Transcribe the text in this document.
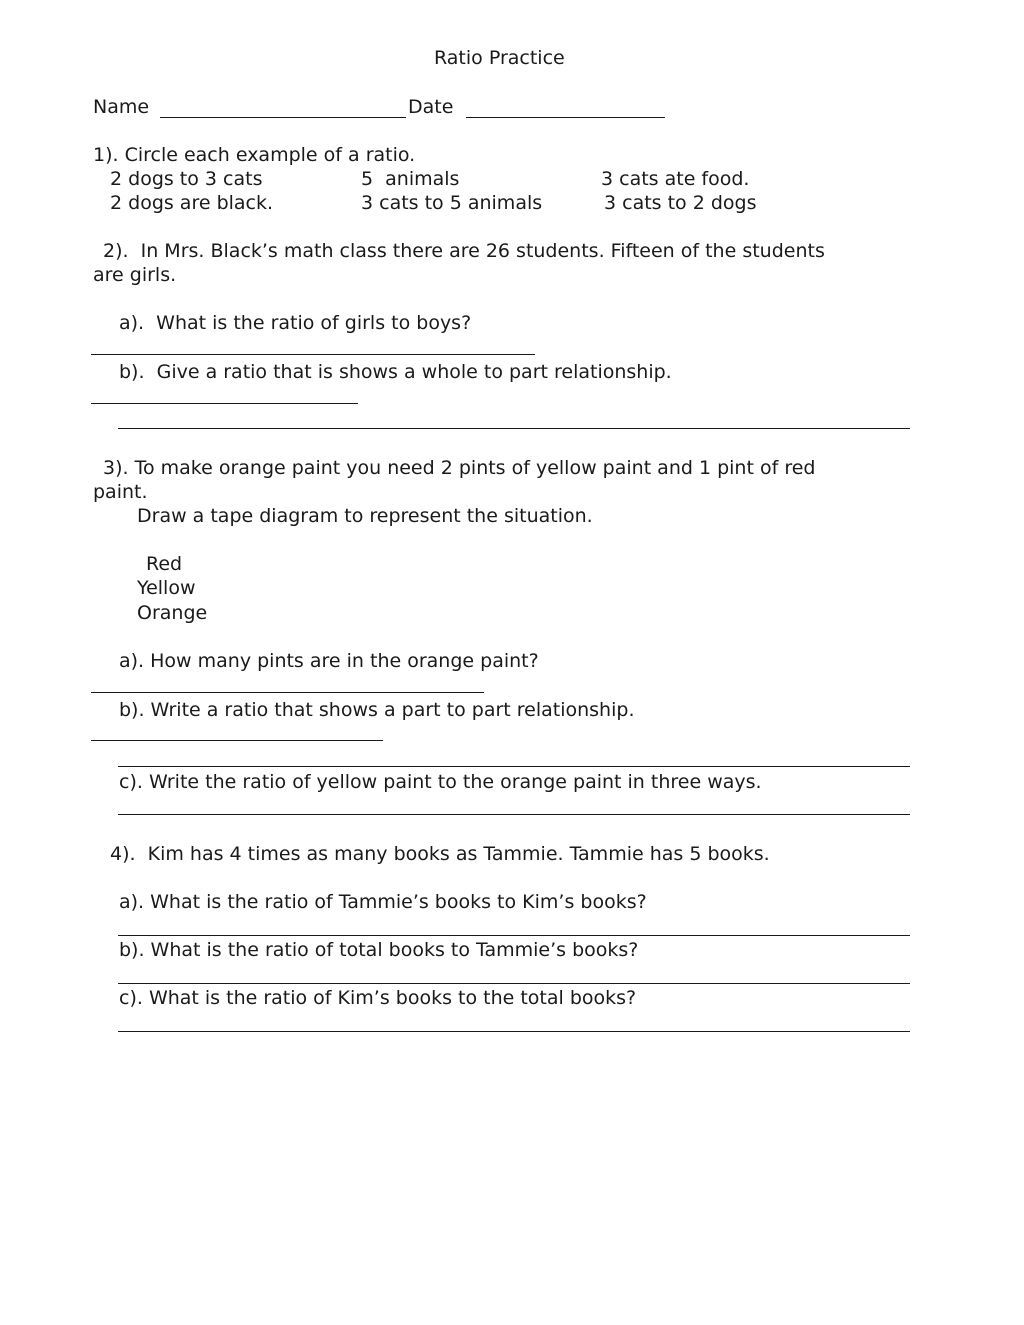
Ratio Practice
Name	Date
1). Circle each example of a ratio.
2 dogs to 3 cats	5  animals	3 cats ate food.
2 dogs are black.	3 cats to 5 animals	3 cats to 2 dogs
2).  In Mrs. Black’s math class there are 26 students. Fifteen of the students
are girls.
a).  What is the ratio of girls to boys?
b).  Give a ratio that is shows a whole to part relationship.
3). To make orange paint you need 2 pints of yellow paint and 1 pint of red
paint.
Draw a tape diagram to represent the situation.
Red
Yellow
Orange
a). How many pints are in the orange paint?
b). Write a ratio that shows a part to part relationship.
c). Write the ratio of yellow paint to the orange paint in three ways.
4).  Kim has 4 times as many books as Tammie. Tammie has 5 books.
a). What is the ratio of Tammie’s books to Kim’s books?
b). What is the ratio of total books to Tammie’s books?
c). What is the ratio of Kim’s books to the total books?
